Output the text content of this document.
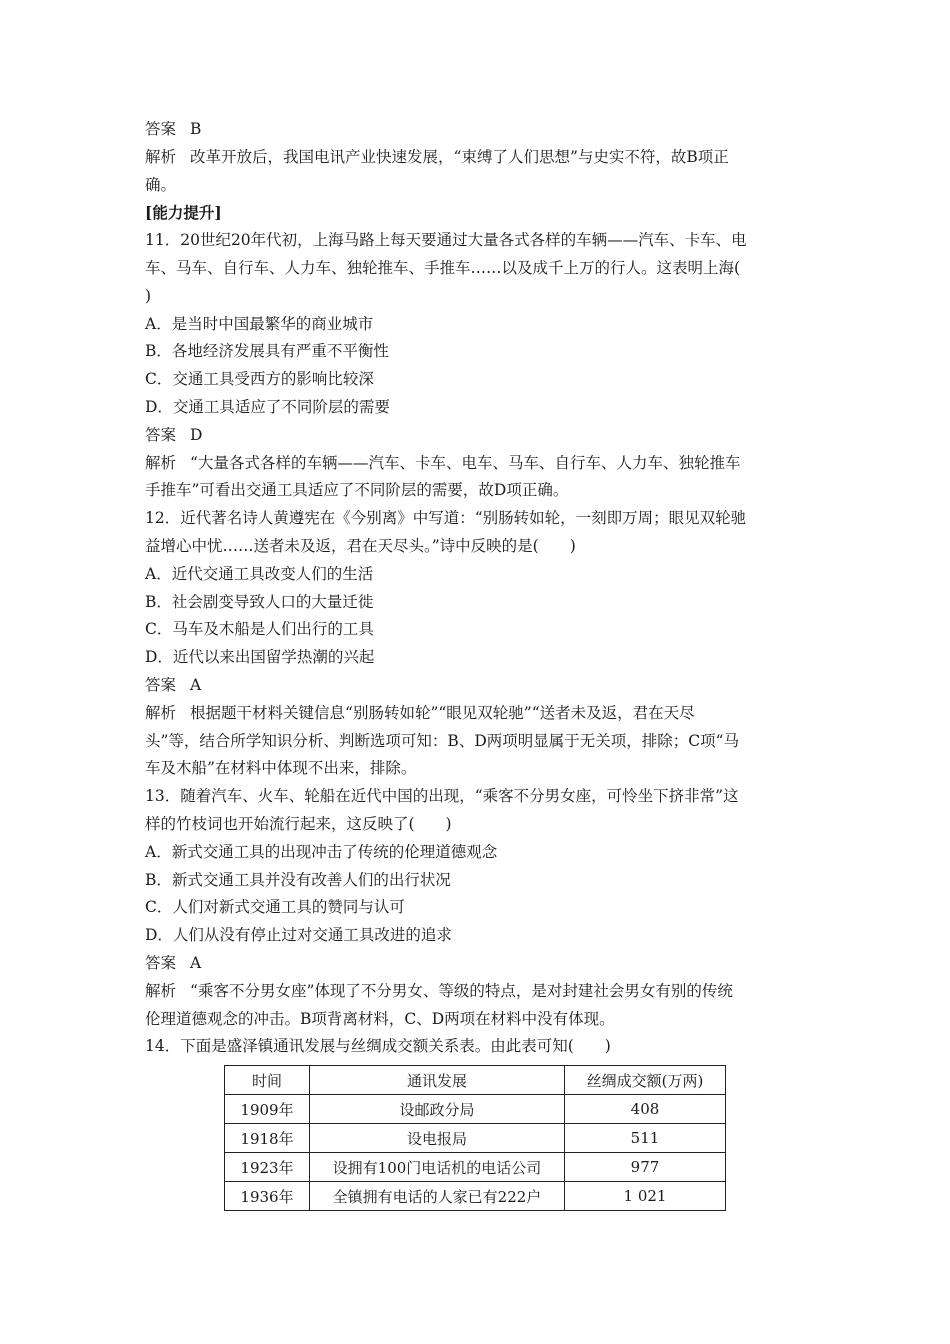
答案 B
解析 改革开放后，我国电讯产业快速发展，“束缚了人们思想”与史实不符，故B项正
确。
[能力提升]
11．20世纪20年代初，上海马路上每天要通过大量各式各样的车辆——汽车、卡车、电
车、马车、自行车、人力车、独轮推车、手推车……以及成千上万的行人。这表明上海(
)
A．是当时中国最繁华的商业城市
B．各地经济发展具有严重不平衡性
C．交通工具受西方的影响比较深
D．交通工具适应了不同阶层的需要
答案 D
解析 “大量各式各样的车辆——汽车、卡车、电车、马车、自行车、人力车、独轮推车
手推车”可看出交通工具适应了不同阶层的需要，故D项正确。
12．近代著名诗人黄遵宪在《今别离》中写道：“别肠转如轮，一刻即万周；眼见双轮驰
益增心中忧……送者未及返，君在天尽头。”诗中反映的是(　　)
A．近代交通工具改变人们的生活
B．社会剧变导致人口的大量迁徙
C．马车及木船是人们出行的工具
D．近代以来出国留学热潮的兴起
答案 A
解析 根据题干材料关键信息“别肠转如轮”“眼见双轮驰”“送者未及返，君在天尽
头”等，结合所学知识分析、判断选项可知：B、D两项明显属于无关项，排除；C项“马
车及木船”在材料中体现不出来，排除。
13．随着汽车、火车、轮船在近代中国的出现，“乘客不分男女座，可怜坐下挤非常”这
样的竹枝词也开始流行起来，这反映了(　　)
A．新式交通工具的出现冲击了传统的伦理道德观念
B．新式交通工具并没有改善人们的出行状况
C．人们对新式交通工具的赞同与认可
D．人们从没有停止过对交通工具改进的追求
答案 A
解析 “乘客不分男女座”体现了不分男女、等级的特点，是对封建社会男女有别的传统
伦理道德观念的冲击。B项背离材料，C、D两项在材料中没有体现。
14．下面是盛泽镇通讯发展与丝绸成交额关系表。由此表可知(　　)
时间	通讯发展	丝绸成交额(万两)
1909年	设邮政分局	408
1918年	设电报局	511
1923年	设拥有100门电话机的电话公司	977
1936年	全镇拥有电话的人家已有222户	1 021
